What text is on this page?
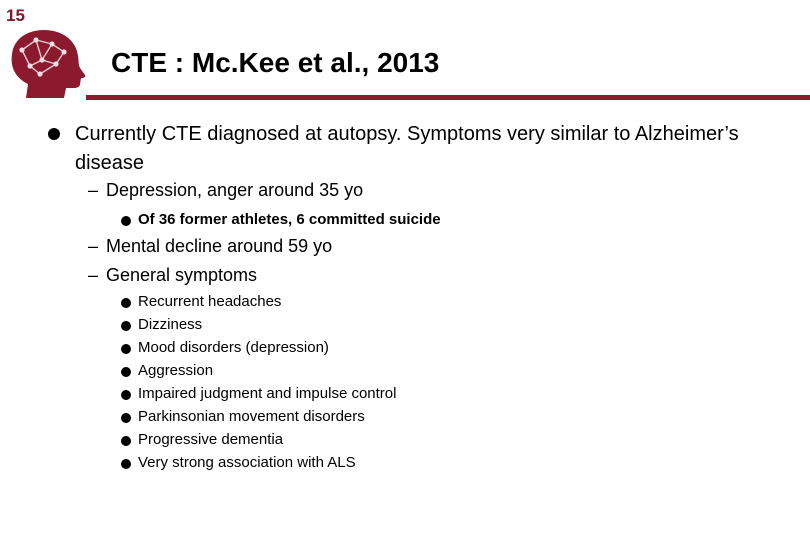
15
CTE : Mc.Kee et al., 2013
Currently CTE diagnosed at autopsy. Symptoms very similar to Alzheimer’s disease
– Depression, anger around 35 yo
Of 36 former athletes, 6 committed suicide
– Mental decline around 59 yo
– General symptoms
Recurrent headaches
Dizziness
Mood disorders (depression)
Aggression
Impaired judgment and impulse control
Parkinsonian movement disorders
Progressive dementia
Very strong association with ALS
